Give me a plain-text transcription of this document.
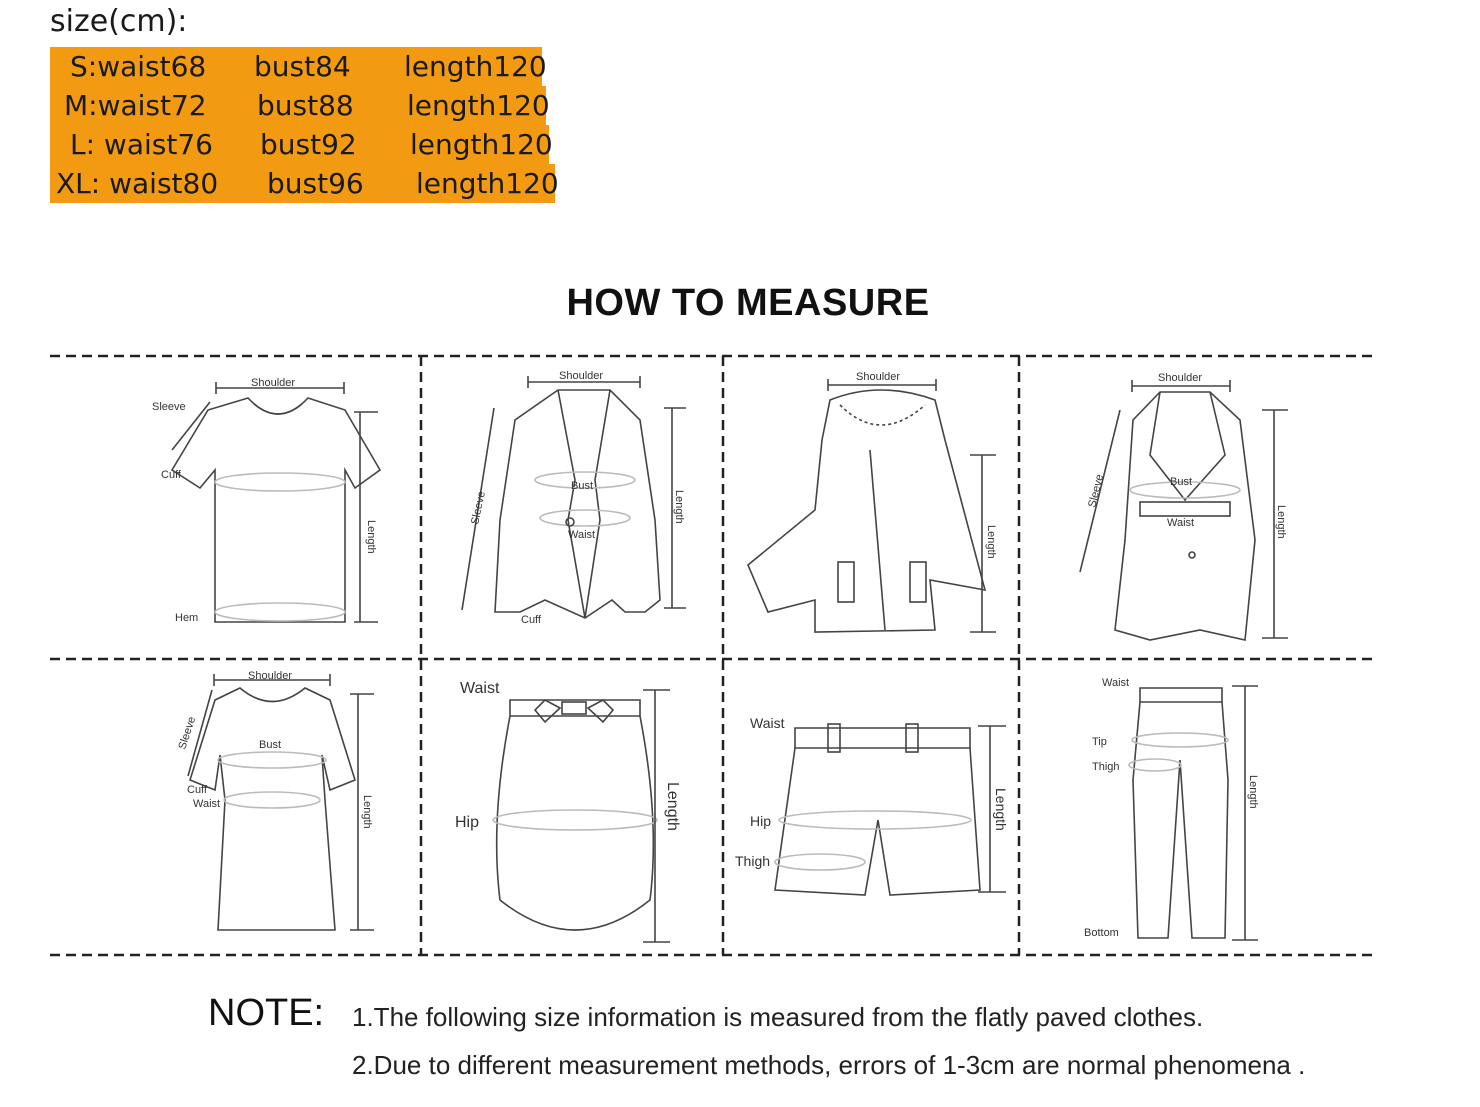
size(cm):
S:waist68 bust84 length120
M:waist72 bust88 length120
L: waist76 bust92 length120
XL: waist80 bust96 length120
HOW TO MEASURE
Shoulder
Sleeve
Cuff
Hem
Length
Shoulder
Sleeve
Bust
Waist
Cuff
Length
Shoulder
Length
Shoulder
Sleeve	Bust
Waist	Length
Shoulder
Sleeve	Bust
Cuff
Waist	Length
Waist
Tip
Thigh
Bottom
Length
Waist
Hip
Thigh
Length
Waist
Hip	Length
NOTE: 1.The following size information is measured from the flatly paved clothes.
2.Due to different measurement methods, errors of 1-3cm are normal phenomena .
